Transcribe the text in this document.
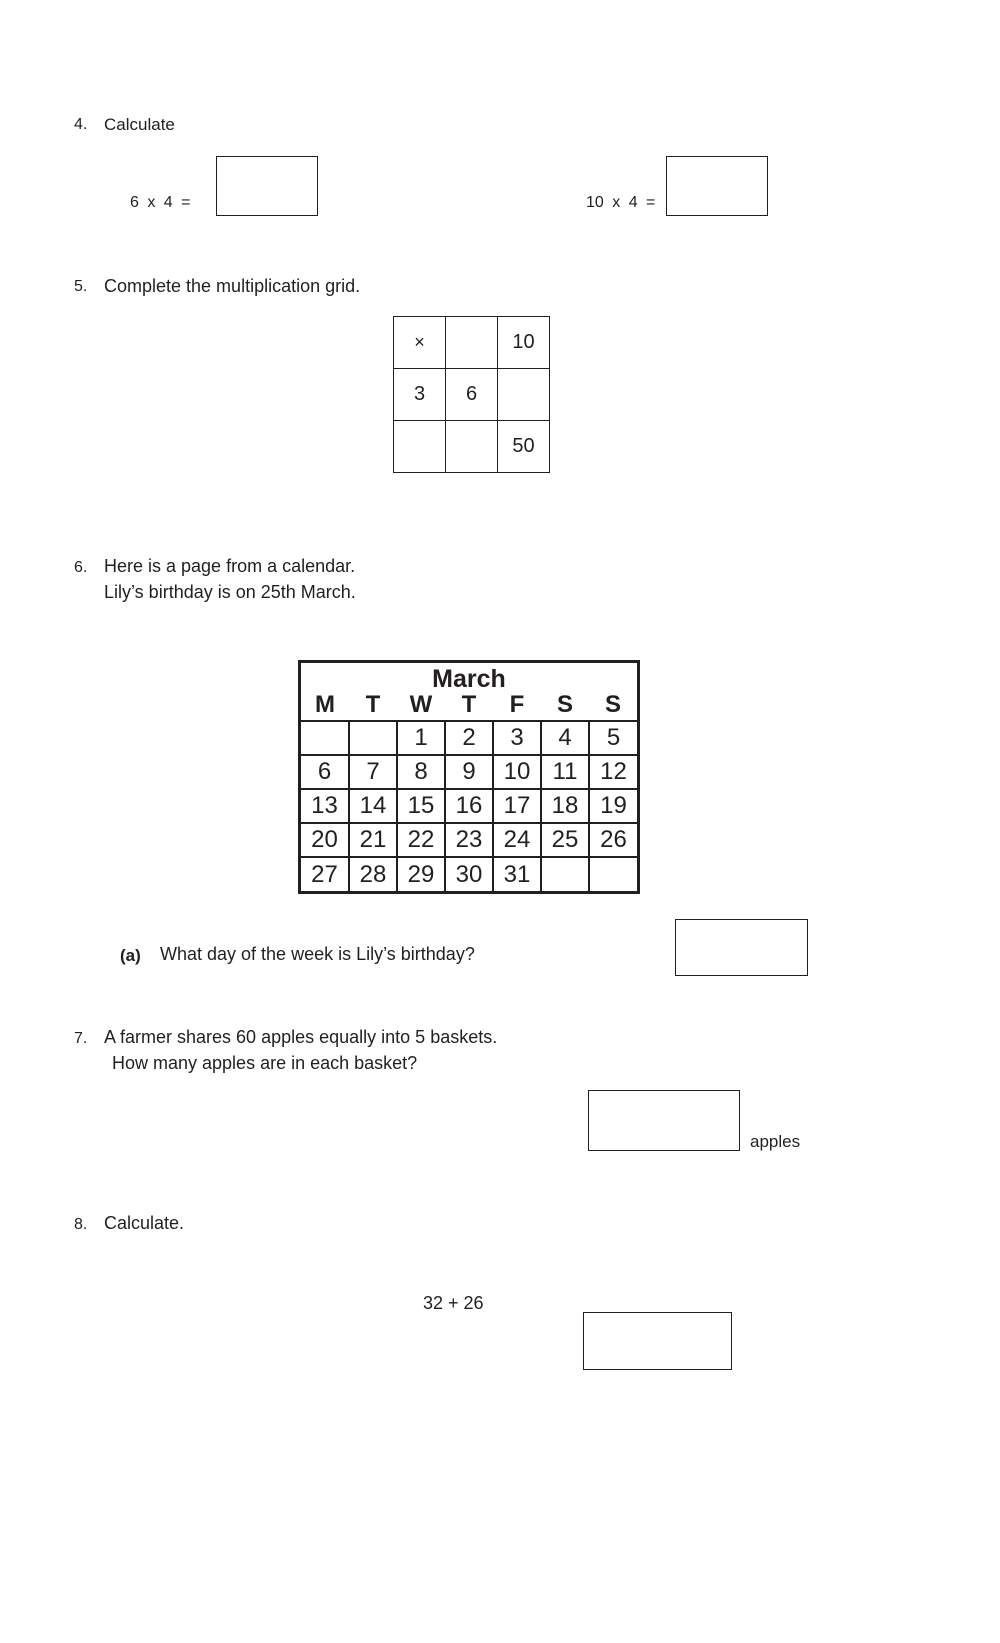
4. Calculate
6 x 4 =	10 x 4 =
5. Complete the multiplication grid.
×		10
3	6	
		50
6. Here is a page from a calendar.
Lily’s birthday is on 25th March.
March
M	T	W	T	F	S	S
		1	2	3	4	5
6	7	8	9	10	11	12
13	14	15	16	17	18	19
20	21	22	23	24	25	26
27	28	29	30	31		
(a) What day of the week is Lily’s birthday?
7. A farmer shares 60 apples equally into 5 baskets.
How many apples are in each basket?
apples
8. Calculate.
32 + 26
